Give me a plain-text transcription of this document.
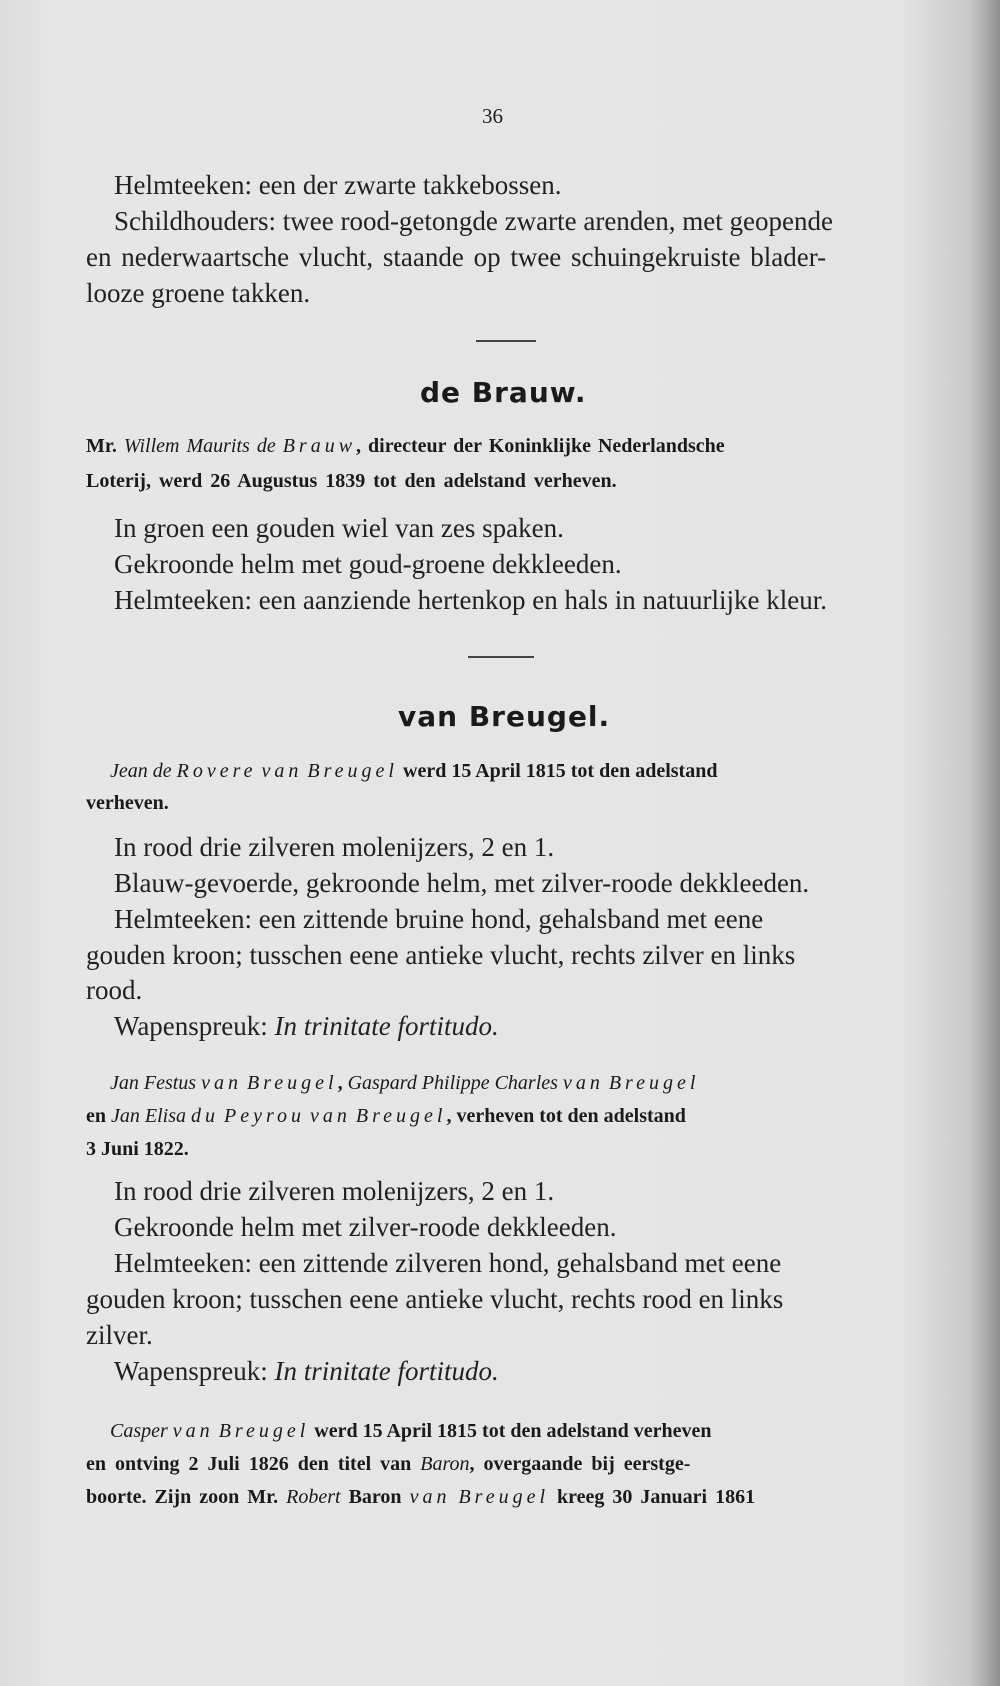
36
Helmteeken: een der zwarte takkebossen.
Schildhouders: twee rood-getongde zwarte arenden, met geopende
en nederwaartsche vlucht, staande op twee schuingekruiste blader-
looze groene takken.
de Brauw.
Mr. Willem Maurits de Brauw, directeur der Koninklijke Nederlandsche
Loterij, werd 26 Augustus 1839 tot den adelstand verheven.
In groen een gouden wiel van zes spaken.
Gekroonde helm met goud-groene dekkleeden.
Helmteeken: een aanziende hertenkop en hals in natuurlijke kleur.
van Breugel.
Jean de Rovere van Breugel werd 15 April 1815 tot den adelstand
verheven.
In rood drie zilveren molenijzers, 2 en 1.
Blauw-gevoerde, gekroonde helm, met zilver-roode dekkleeden.
Helmteeken: een zittende bruine hond, gehalsband met eene
gouden kroon; tusschen eene antieke vlucht, rechts zilver en links
rood.
Wapenspreuk: In trinitate fortitudo.
Jan Festus van Breugel, Gaspard Philippe Charles van Breugel
en Jan Elisa du Peyrou van Breugel, verheven tot den adelstand
3 Juni 1822.
In rood drie zilveren molenijzers, 2 en 1.
Gekroonde helm met zilver-roode dekkleeden.
Helmteeken: een zittende zilveren hond, gehalsband met eene
gouden kroon; tusschen eene antieke vlucht, rechts rood en links
zilver.
Wapenspreuk: In trinitate fortitudo.
Casper van Breugel werd 15 April 1815 tot den adelstand verheven
en ontving 2 Juli 1826 den titel van Baron, overgaande bij eerstge-
boorte. Zijn zoon Mr. Robert Baron van Breugel kreeg 30 Januari 1861
